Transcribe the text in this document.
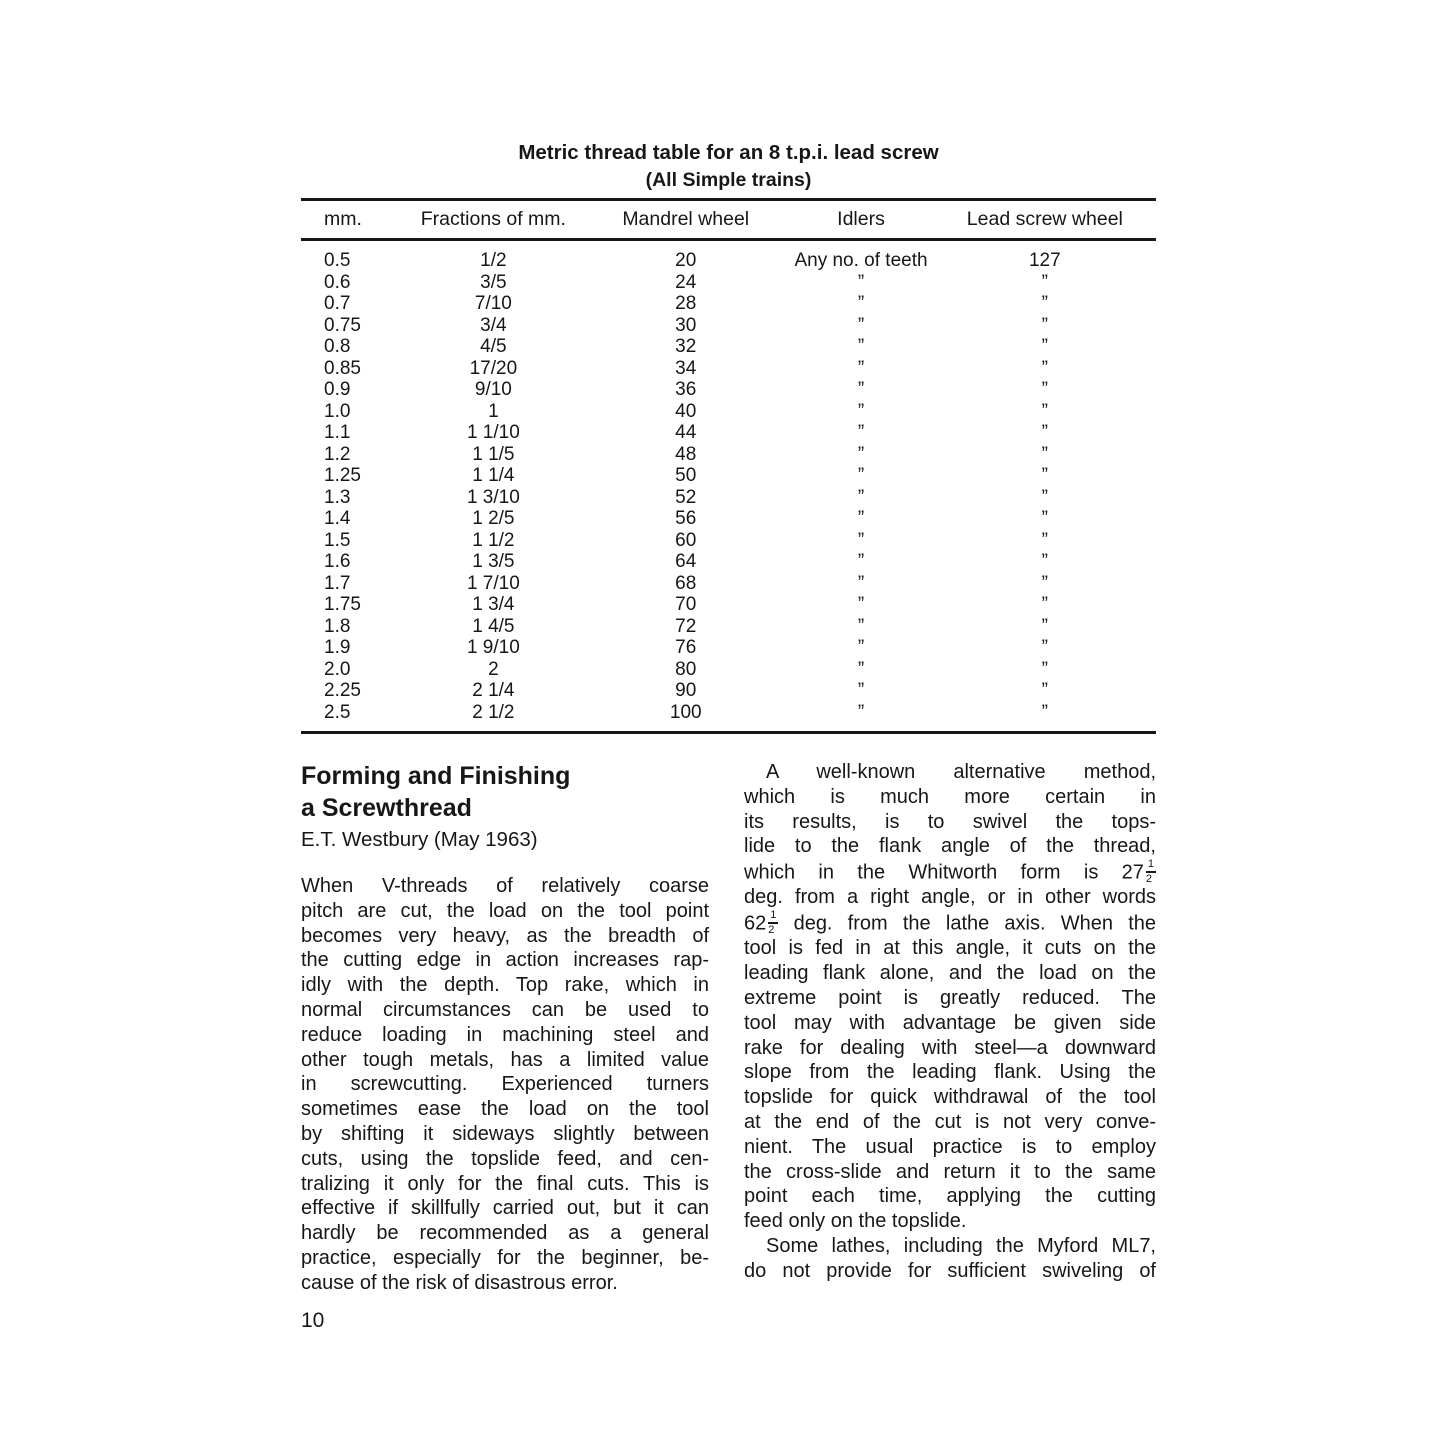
Metric thread table for an 8 t.p.i. lead screw
(All Simple trains)
mm.	Fractions of mm.	Mandrel wheel	Idlers	Lead screw wheel
0.5	1/2	20	Any no. of teeth	127
0.6	3/5	24	”	”
0.7	7/10	28	”	”
0.75	3/4	30	”	”
0.8	4/5	32	”	”
0.85	17/20	34	”	”
0.9	9/10	36	”	”
1.0	1	40	”	”
1.1	1 1/10	44	”	”
1.2	1 1/5	48	”	”
1.25	1 1/4	50	”	”
1.3	1 3/10	52	”	”
1.4	1 2/5	56	”	”
1.5	1 1/2	60	”	”
1.6	1 3/5	64	”	”
1.7	1 7/10	68	”	”
1.75	1 3/4	70	”	”
1.8	1 4/5	72	”	”
1.9	1 9/10	76	”	”
2.0	2	80	”	”
2.25	2 1/4	90	”	”
2.5	2 1/2	100	”	”
Forming and Finishing
a Screwthread
E.T. Westbury (May 1963)
When V-threads of relatively coarse
pitch are cut, the load on the tool point
becomes very heavy, as the breadth of
the cutting edge in action increases rap-
idly with the depth. Top rake, which in
normal circumstances can be used to
reduce loading in machining steel and
other tough metals, has a limited value
in screwcutting. Experienced turners
sometimes ease the load on the tool
by shifting it sideways slightly between
cuts, using the topslide feed, and cen-
tralizing it only for the final cuts. This is
effective if skillfully carried out, but it can
hardly be recommended as a general
practice, especially for the beginner, be-
cause of the risk of disastrous error.
A well-known alternative method,
which is much more certain in
its results, is to swivel the tops-
lide to the flank angle of the thread,
which in the Whitworth form is $27 \frac{1}{2}$
deg. from a right angle, or in other words
$62 \frac{1}{2}$ deg. from the lathe axis. When the
tool is fed in at this angle, it cuts on the
leading flank alone, and the load on the
extreme point is greatly reduced. The
tool may with advantage be given side
rake for dealing with steel—a downward
slope from the leading flank. Using the
topslide for quick withdrawal of the tool
at the end of the cut is not very conve-
nient. The usual practice is to employ
the cross-slide and return it to the same
point each time, applying the cutting
feed only on the topslide.
Some lathes, including the Myford ML7,
do not provide for sufficient swiveling of
10
